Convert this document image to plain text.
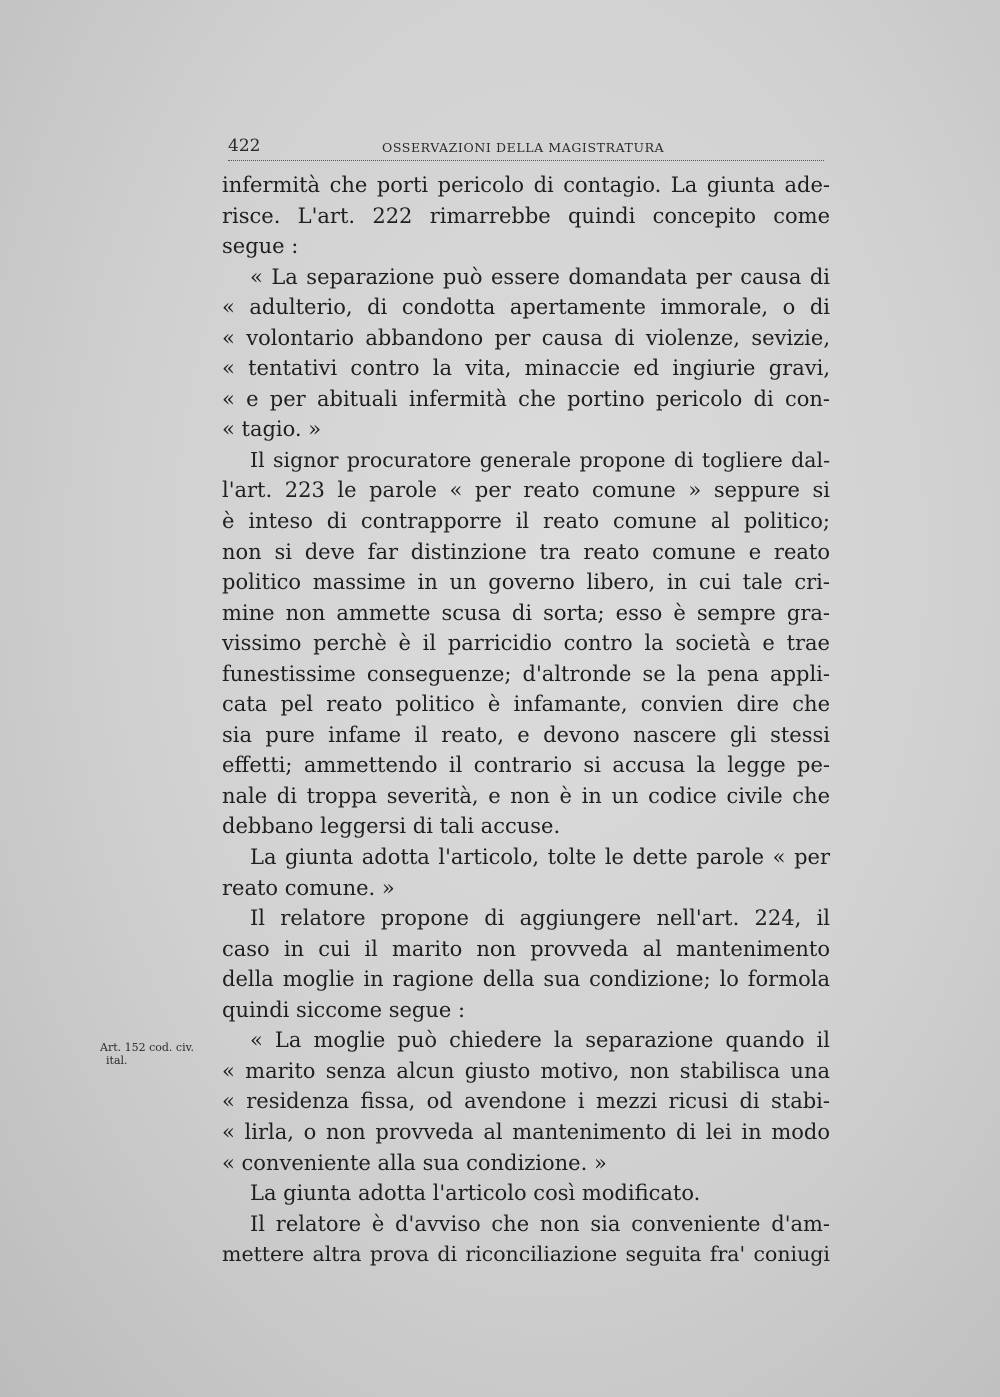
422	OSSERVAZIONI DELLA MAGISTRATURA
Art. 152 cod. civ.
ital.
infermità che porti pericolo di contagio. La giunta ade-
risce. L'art. 222 rimarrebbe quindi concepito come
segue :
« La separazione può essere domandata per causa di
« adulterio, di condotta apertamente immorale, o di
« volontario abbandono per causa di violenze, sevizie,
« tentativi contro la vita, minaccie ed ingiurie gravi,
« e per abituali infermità che portino pericolo di con-
« tagio. »
Il signor procuratore generale propone di togliere dal-
l'art. 223 le parole « per reato comune » seppure si
è inteso di contrapporre il reato comune al politico;
non si deve far distinzione tra reato comune e reato
politico massime in un governo libero, in cui tale cri-
mine non ammette scusa di sorta; esso è sempre gra-
vissimo perchè è il parricidio contro la società e trae
funestissime conseguenze; d'altronde se la pena appli-
cata pel reato politico è infamante, convien dire che
sia pure infame il reato, e devono nascere gli stessi
effetti; ammettendo il contrario si accusa la legge pe-
nale di troppa severità, e non è in un codice civile che
debbano leggersi di tali accuse.
La giunta adotta l'articolo, tolte le dette parole « per
reato comune. »
Il relatore propone di aggiungere nell'art. 224, il
caso in cui il marito non provveda al mantenimento
della moglie in ragione della sua condizione; lo formola
quindi siccome segue :
« La moglie può chiedere la separazione quando il
« marito senza alcun giusto motivo, non stabilisca una
« residenza fissa, od avendone i mezzi ricusi di stabi-
« lirla, o non provveda al mantenimento di lei in modo
« conveniente alla sua condizione. »
La giunta adotta l'articolo così modificato.
Il relatore è d'avviso che non sia conveniente d'am-
mettere altra prova di riconciliazione seguita fra' coniugi
